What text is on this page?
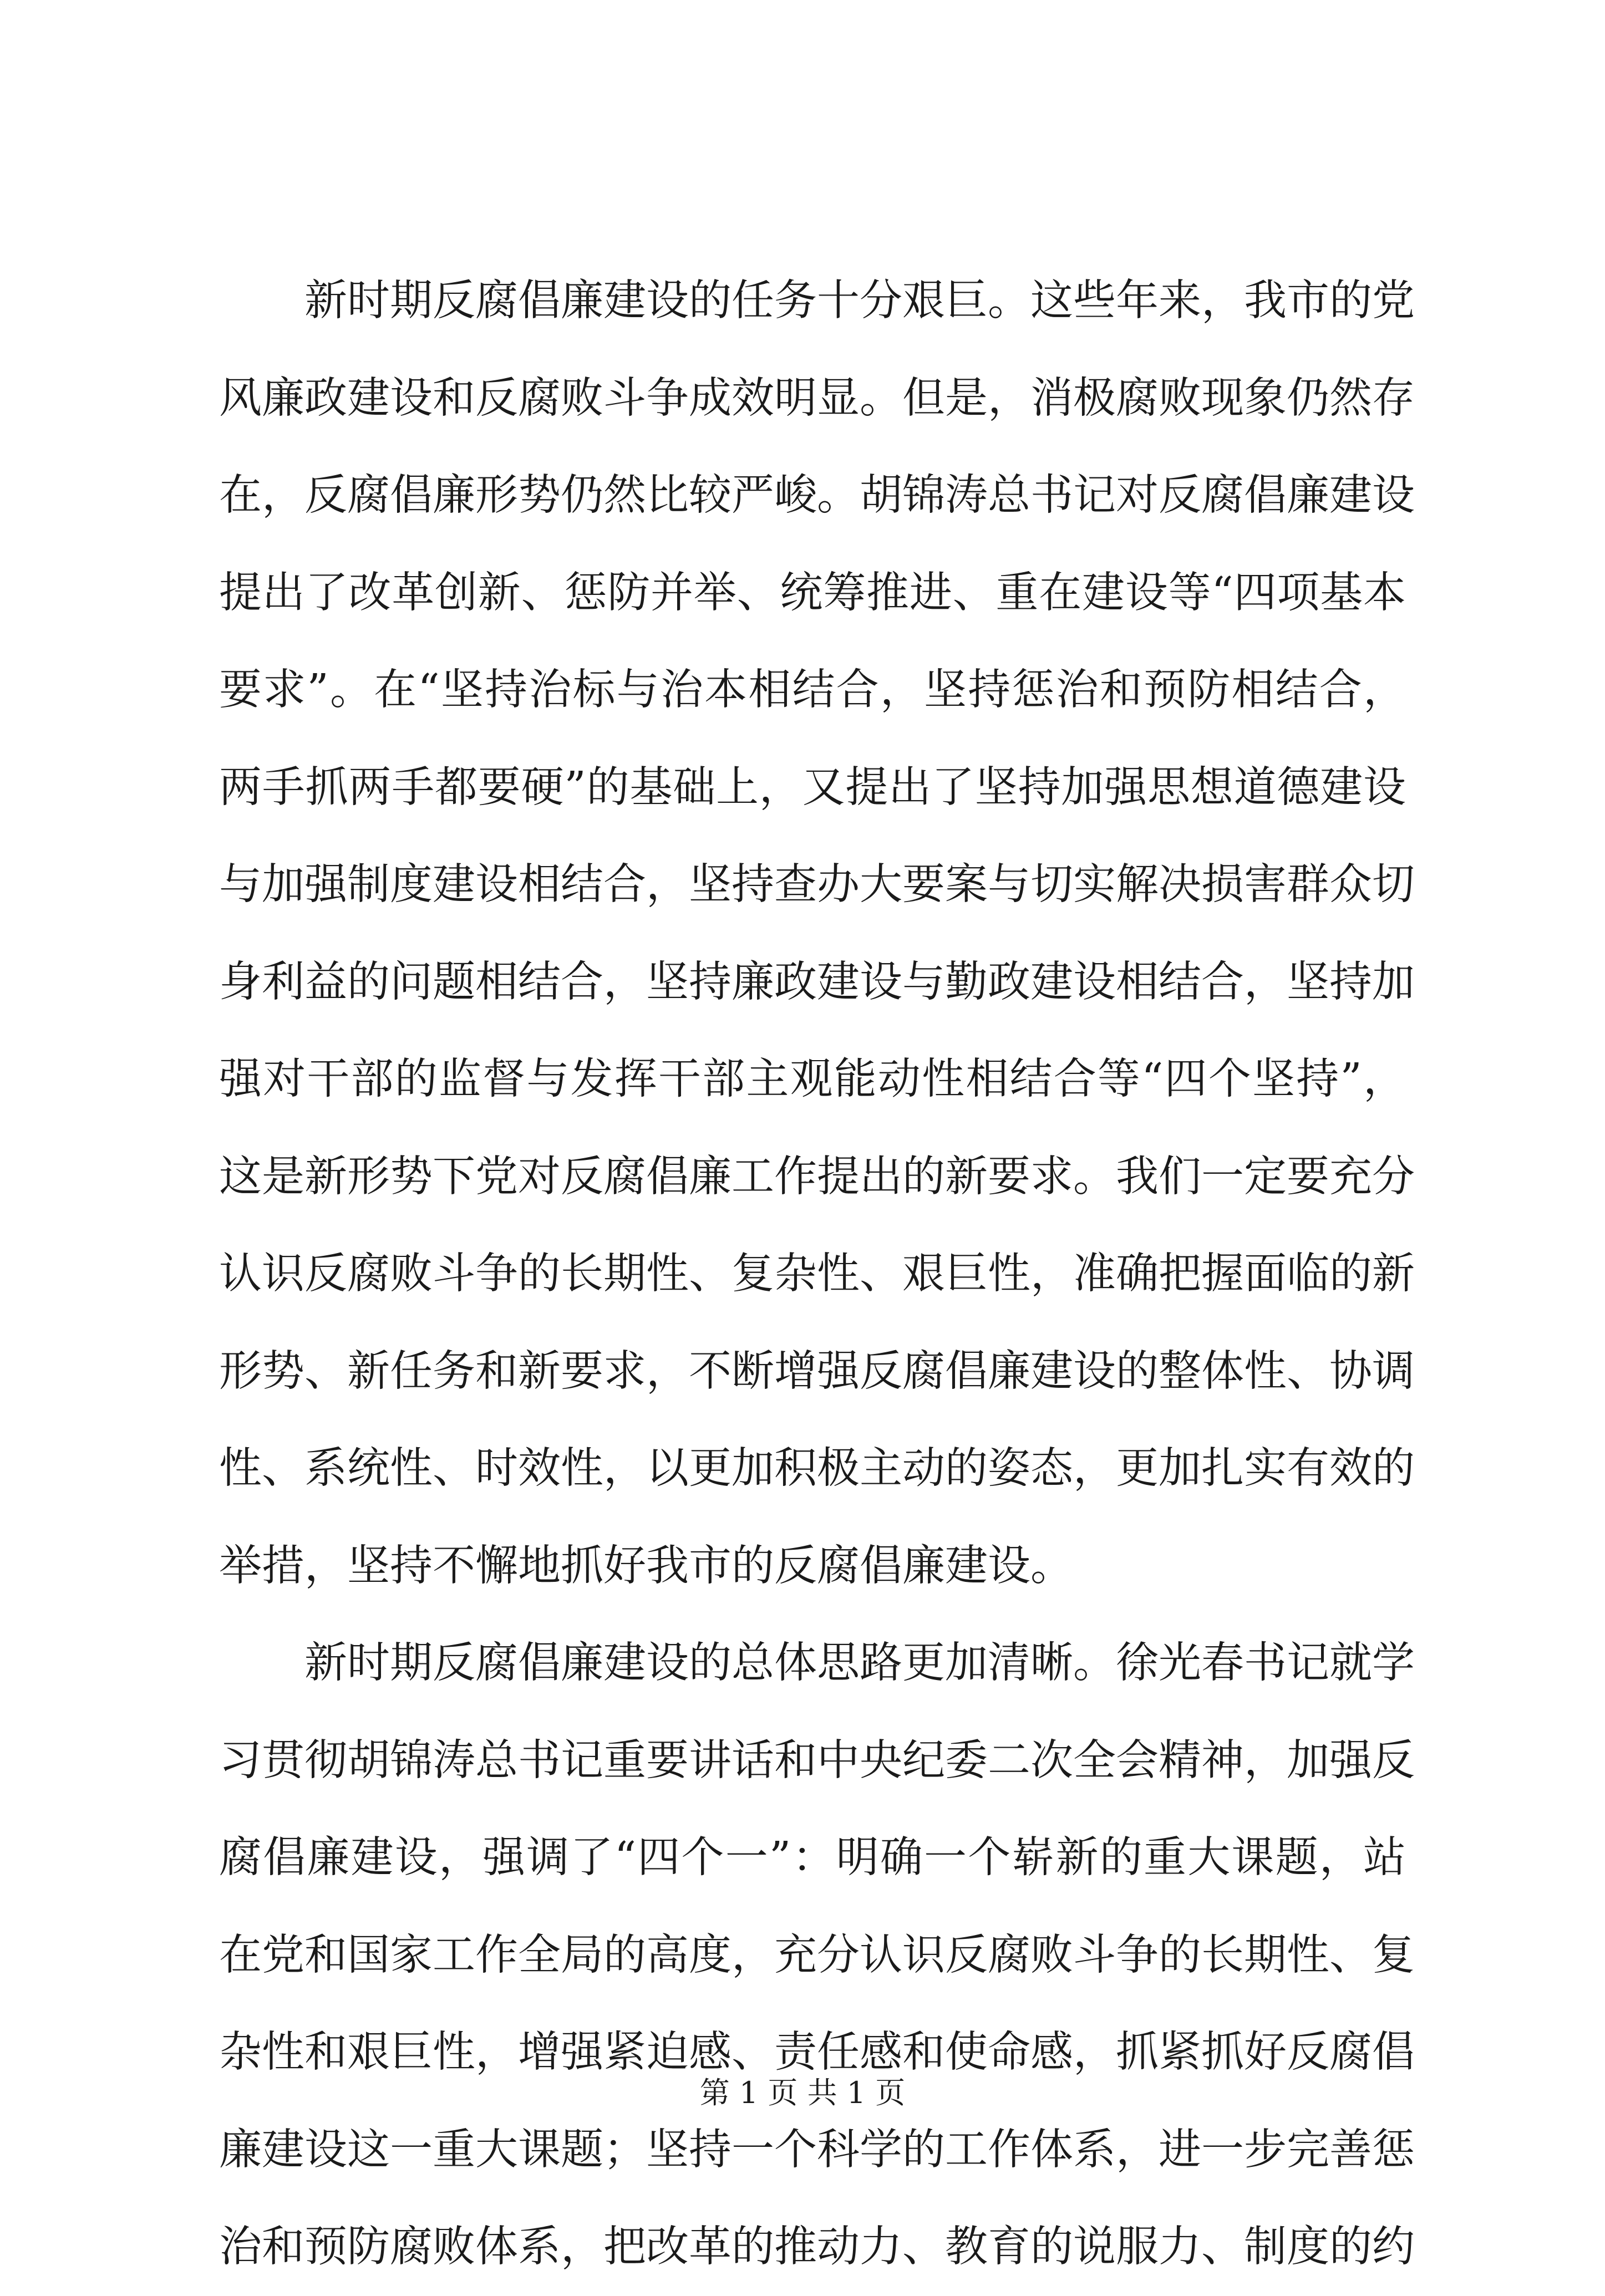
新时期反腐倡廉建设的任务十分艰巨。这些年来，我市的党
风廉政建设和反腐败斗争成效明显。但是，消极腐败现象仍然存
在，反腐倡廉形势仍然比较严峻。胡锦涛总书记对反腐倡廉建设
提出了改革创新、惩防并举、统筹推进、重在建设等“四项基本
要求”。在“坚持治标与治本相结合，坚持惩治和预防相结合，
两手抓两手都要硬”的基础上，又提出了坚持加强思想道德建设
与加强制度建设相结合，坚持查办大要案与切实解决损害群众切
身利益的问题相结合，坚持廉政建设与勤政建设相结合，坚持加
强对干部的监督与发挥干部主观能动性相结合等“四个坚持”，
这是新形势下党对反腐倡廉工作提出的新要求。我们一定要充分
认识反腐败斗争的长期性、复杂性、艰巨性，准确把握面临的新
形势、新任务和新要求，不断增强反腐倡廉建设的整体性、协调
性、系统性、时效性，以更加积极主动的姿态，更加扎实有效的
举措，坚持不懈地抓好我市的反腐倡廉建设。
新时期反腐倡廉建设的总体思路更加清晰。徐光春书记就学
习贯彻胡锦涛总书记重要讲话和中央纪委二次全会精神，加强反
腐倡廉建设，强调了“四个一”：明确一个崭新的重大课题，站
在党和国家工作全局的高度，充分认识反腐败斗争的长期性、复
杂性和艰巨性，增强紧迫感、责任感和使命感，抓紧抓好反腐倡
廉建设这一重大课题；坚持一个科学的工作体系，进一步完善惩
治和预防腐败体系，把改革的推动力、教育的说服力、制度的约
第 1 页 共 1 页
